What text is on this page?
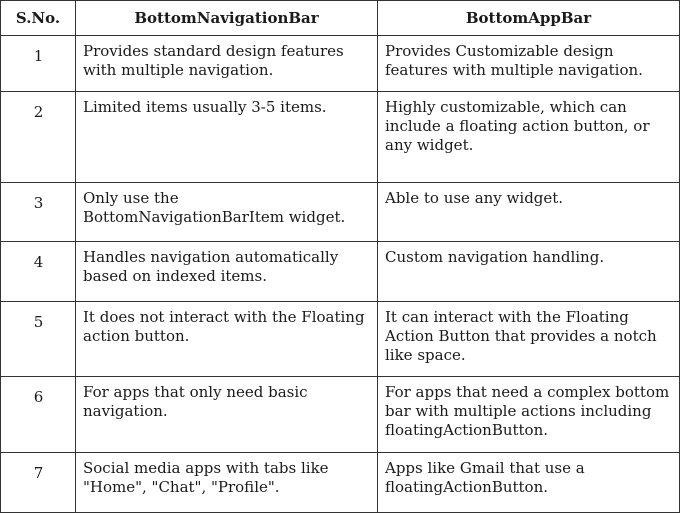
S.No.	BottomNavigationBar	BottomAppBar
1	Provides standard design features with multiple navigation.	Provides Customizable design features with multiple navigation.
2	Limited items usually 3-5 items.	Highly customizable, which can include a floating action button, or any widget.
3	Only use the BottomNavigationBarItem widget.	Able to use any widget.
4	Handles navigation automatically based on indexed items.	Custom navigation handling.
5	It does not interact with the Floating action button.	It can interact with the Floating Action Button that provides a notch like space.
6	For apps that only need basic navigation.	For apps that need a complex bottom bar with multiple actions including floatingActionButton.
7	Social media apps with tabs like "Home", "Chat", "Profile".	Apps like Gmail that use a floatingActionButton.
